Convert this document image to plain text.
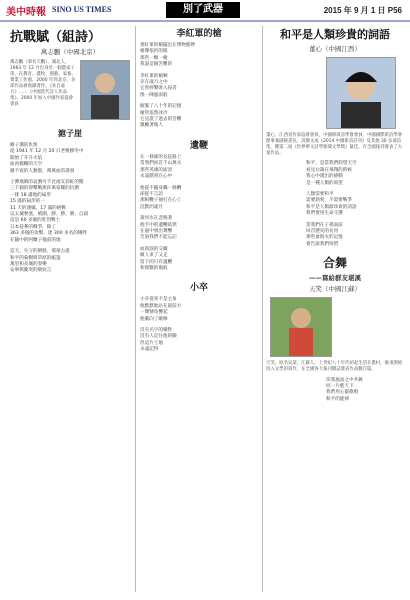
美中時報 SINO US TIMES	別了武器	2015 年 9 月 1 日 P56
抗戰賦（組詩）
萬志鵬（中國北京）
萬志鵬（筆名天鵬），湖北人，1963 年 12 月出身於一個農家子弟，在教育、農牧、園藝、家畜、實業工作過。2000 年到北京，多部作品被收錄著作。《來自遠方》……《中國當代詩人作品集》、2000 年加入中國作家協會會員
滬子崖

敵子溝的仇恨
從 1941 年 12 月 20 日老桃樹冬中
開始了升升火焰
血肉模糊的天空
徹不夜的人類群，萬萬血的壽發

子彈飛舞的哀號可不比兩支彩虹的驚
三千個的仰擊戰與你萬家樓的抗禦
一排 18 滿地的扁形
15 滿的扁形的一
11 天的淒厲，17 滿的絕戰
以五城要塞，被圍、勝、勝、勝、自殺
這是 60 多個的壯烈戰士
日本侵華的戰爭，除了
363 多個的攻擊，達 300 多名的犧牲
在隨中的阿蘭子撞前的地

這天，失守的朝鮮，那蒙古遙
和平的菊樹與草原的帳篷
萬里和長城的奏樂
安寧與衝突的朝何言

李紅軍的槍

那紅軍的槍擺出在博物館裡
槍聲依約的眼
那些一顆一槍
我說這個苦難的

李紅軍的槍啊
存在歲月之中
它曾經擊敗入侵者
像一陣風雨般

握緊了八十年的記憶
槍管依然冰冷
它見證了過去的苦難
激勵著後人

遺鞭

在一條條的長征路上
當我們回首千山萬水
那些英雄的面容
永遠銘刻在心中

他從不隨身攜一條鞭
卻從不言語
那根鞭子抽打在心上
沉默的歲月

黃河水在悲鳴著
他手中的遺鞭依然
在風中發出聲響
告訴我們不能忘記

血與淚的交織
敵人來了又走
留下的只有遺鞭
和無數的傷痕

小卒

小卒從來不是主角
他默默地站在最前方
一聲號角響起
他衝向了敵陣

沒有名字的犧牲
沒有人記住他的臉
但這片土地
永遠記得

和平是人類珍貴的詞語
董心（中國江西）

董心，江西省作家協會會員，中國偉崗詩學會會員，中國國際新詩學會理事兼副秘書長，該散文成《2014 中國新詩詩刊》及其他 30 多部詩集，獲第二屆《世界華文詩學新聞文學獎》最佳，在全國報刊發表了大量作品。

和平，是當我們仰望天空
看見白鴿在飛翔的時候
我心中湧出的感動
是一種人類的渴望

人類需要和平
需要熱愛，不需要戰爭
和平是人類最珍貴的詞語
我們要用生命守護

當我們在子孫面前
回首歷史的長河
那些血與火的記憶
會告訴我們珍惜

合舞
——寫給群友堪溪
天笑（中國江蘇）

天笑，原名吳某，江蘇人，上世紀八十年代初起生活在農村，後來開始投入文學的寫作，在全國各大報刊雜誌發表作品數百篇。

你我風雨之中共舞
同一片藍天下
我們用心靈歌唱
和平的旋律
